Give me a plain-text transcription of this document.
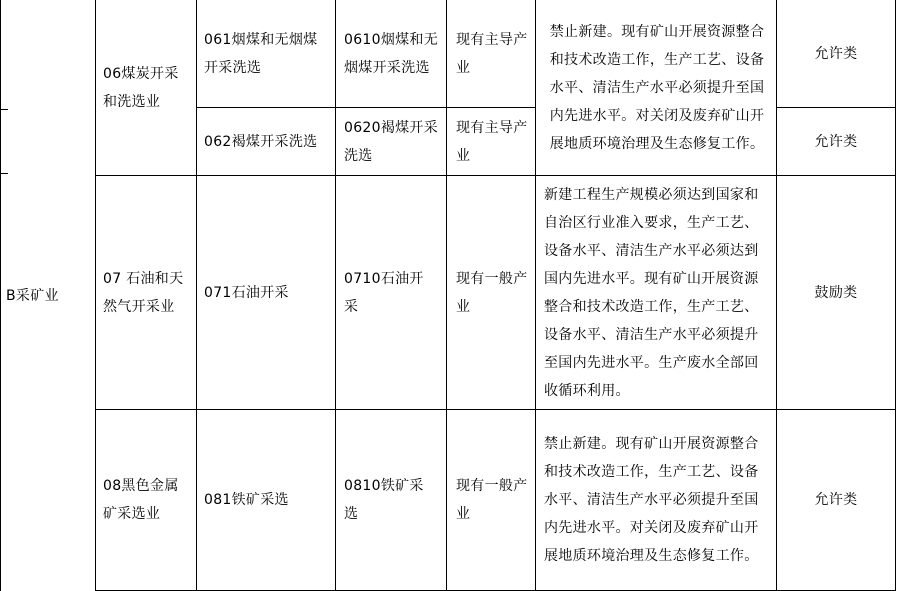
B采矿业
06煤炭开采和洗选业
061烟煤和无烟煤开采洗选
0610烟煤和无烟煤开采洗选
现有主导产业
允许类
062褐煤开采洗选
0620褐煤开采洗选
现有主导产业
允许类
禁止新建。现有矿山开展资源整合和技术改造工作，生产工艺、设备水平、清洁生产水平必须提升至国内先进水平。对关闭及废弃矿山开展地质环境治理及生态修复工作。
07 石油和天然气开采业
071石油开采
0710石油开采
现有一般产业
新建工程生产规模必须达到国家和自治区行业准入要求，生产工艺、设备水平、清洁生产水平必须达到国内先进水平。现有矿山开展资源整合和技术改造工作，生产工艺、设备水平、清洁生产水平必须提升至国内先进水平。生产废水全部回收循环利用。
鼓励类
08黑色金属矿采选业
081铁矿采选
0810铁矿采选
现有一般产业
禁止新建。现有矿山开展资源整合和技术改造工作，生产工艺、设备水平、清洁生产水平必须提升至国内先进水平。对关闭及废弃矿山开展地质环境治理及生态修复工作。
允许类
